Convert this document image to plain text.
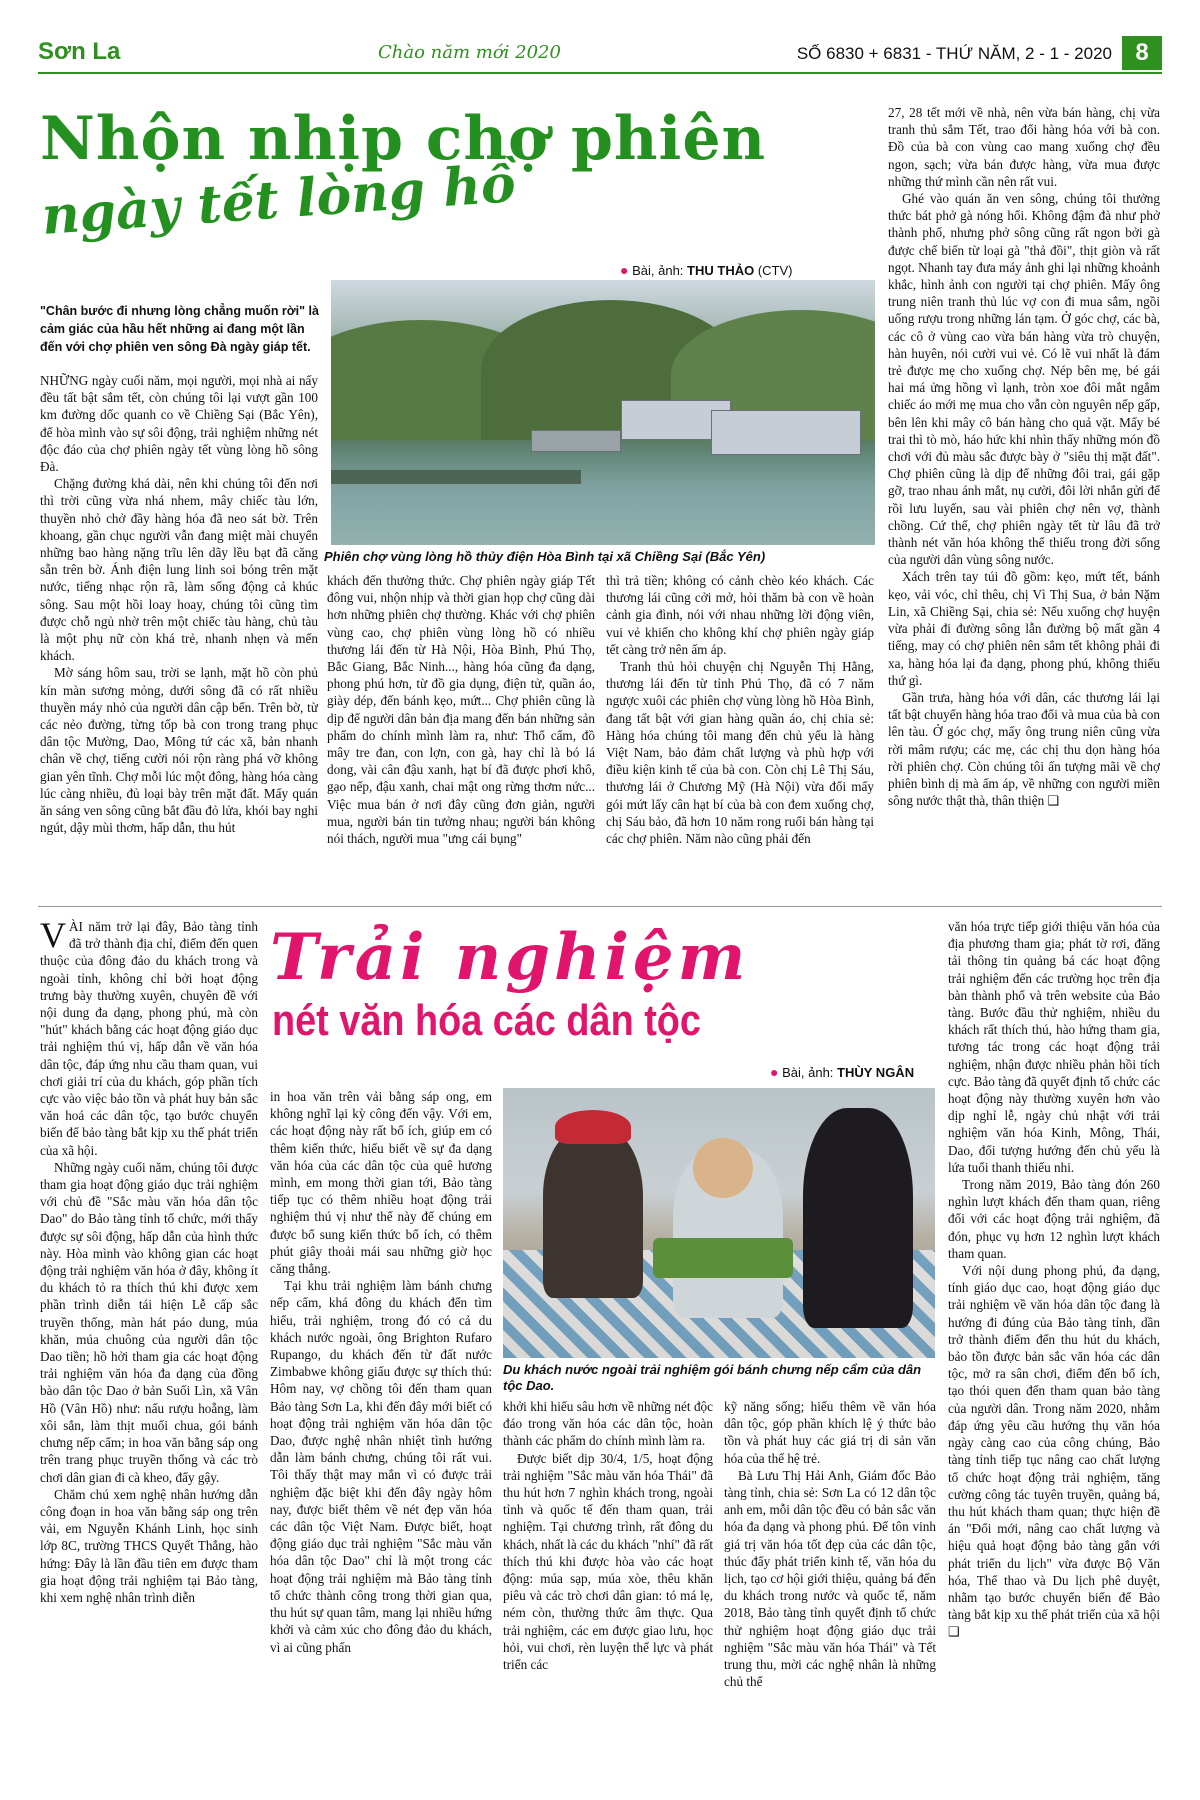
Sơn La	Chào năm mới 2020	SỐ 6830 + 6831 - THỨ NĂM, 2 - 1 - 2020 8
Nhộn nhịp chợ phiên
ngày tết lòng hồ
● Bài, ảnh: THU THẢO (CTV)
Phiên chợ vùng lòng hồ thủy điện Hòa Bình tại xã Chiềng Sại (Bắc Yên)
"Chân bước đi nhưng lòng chẳng muốn rời" là cảm giác của hầu hết những ai đang một lần đến với chợ phiên ven sông Đà ngày giáp tết.

NHỮNG ngày cuối năm, mọi người, mọi nhà ai nấy đều tất bật sắm tết, còn chúng tôi lại vượt gần 100 km đường dốc quanh co về Chiềng Sại (Bắc Yên), để hòa mình vào sự sôi động, trải nghiệm những nét độc đáo của chợ phiên ngày tết vùng lòng hồ sông Đà.

Chặng đường khá dài, nên khi chúng tôi đến nơi thì trời cũng vừa nhá nhem, mây chiếc tàu lớn, thuyền nhỏ chở đầy hàng hóa đã neo sát bờ. Trên khoang, gần chục người vẫn đang miệt mài chuyển những bao hàng nặng trĩu lên dãy lều bạt đã căng sẵn trên bờ. Ánh điện lung linh soi bóng trên mặt nước, tiếng nhạc rộn rã, làm sống động cả khúc sông. Sau một hồi loay hoay, chúng tôi cũng tìm được chỗ ngủ nhờ trên một chiếc tàu hàng, chủ tàu là một phụ nữ còn khá trẻ, nhanh nhẹn và mến khách.

Mờ sáng hôm sau, trời se lạnh, mặt hồ còn phủ kín màn sương mỏng, dưới sông đã có rất nhiều thuyền máy nhỏ của người dân cập bến. Trên bờ, từ các nẻo đường, từng tốp bà con trong trang phục dân tộc Mường, Dao, Mông tứ các xã, bản nhanh chân về chợ, tiếng cười nói rộn ràng phá vỡ không gian yên tĩnh. Chợ mỗi lúc một đông, hàng hóa càng lúc càng nhiều, đủ loại bày trên mặt đất. Mấy quán ăn sáng ven sông cũng bắt đầu đỏ lửa, khói bay nghi ngút, dậy mùi thơm, hấp dẫn, thu hút

khách đến thưởng thức. Chợ phiên ngày giáp Tết đông vui, nhộn nhịp và thời gian họp chợ cũng dài hơn những phiên chợ thường. Khác với chợ phiên vùng cao, chợ phiên vùng lòng hồ có nhiều thương lái đến từ Hà Nội, Hòa Bình, Phú Thọ, Bắc Giang, Bắc Ninh..., hàng hóa cũng đa dạng, phong phú hơn, từ đồ gia dụng, điện tử, quần áo, giày dép, đến bánh kẹo, mứt... Chợ phiên cũng là dịp để người dân bản địa mang đến bán những sản phẩm do chính mình làm ra, như: Thổ cẩm, đồ mây tre đan, con lợn, con gà, hay chỉ là bó lá dong, vài cân đậu xanh, hạt bí đã được phơi khô, gạo nếp, đậu xanh, chai mật ong rừng thơm nức... Việc mua bán ở nơi đây cũng đơn giản, người mua, người bán tin tưởng nhau; người bán không nói thách, người mua "ưng cái bụng"

thì trả tiền; không có cảnh chèo kéo khách. Các thương lái cũng cởi mở, hỏi thăm bà con về hoàn cảnh gia đình, nói với nhau những lời động viên, vui vẻ khiến cho không khí chợ phiên ngày giáp tết càng trở nên ấm áp.

Tranh thủ hỏi chuyện chị Nguyễn Thị Hằng, thương lái đến từ tỉnh Phú Thọ, đã có 7 năm ngược xuôi các phiên chợ vùng lòng hồ Hòa Bình, đang tất bật với gian hàng quần áo, chị chia sẻ: Hàng hóa chúng tôi mang đến chủ yếu là hàng Việt Nam, bảo đảm chất lượng và phù hợp với điều kiện kinh tế của bà con. Còn chị Lê Thị Sáu, thương lái ở Chương Mỹ (Hà Nội) vừa đổi mấy gói mứt lấy cân hạt bí của bà con đem xuống chợ, chị Sáu bảo, đã hơn 10 năm rong ruổi bán hàng tại các chợ phiên. Năm nào cũng phải đến

27, 28 tết mới về nhà, nên vừa bán hàng, chị vừa tranh thủ sắm Tết, trao đổi hàng hóa với bà con. Đồ của bà con vùng cao mang xuống chợ đều ngon, sạch; vừa bán được hàng, vừa mua được những thứ mình cần nên rất vui.

Ghé vào quán ăn ven sông, chúng tôi thưởng thức bát phở gà nóng hổi. Không đậm đà như phở thành phố, nhưng phở sông cũng rất ngon bởi gà được chế biến từ loại gà "thả đồi", thịt giòn và rất ngọt. Nhanh tay đưa máy ảnh ghi lại những khoảnh khắc, hình ảnh con người tại chợ phiên. Mấy ông trung niên tranh thủ lúc vợ con đi mua sắm, ngồi uống rượu trong những lán tạm. Ở góc chợ, các bà, các cô ở vùng cao vừa bán hàng vừa trò chuyện, hàn huyên, nói cười vui vẻ. Có lẽ vui nhất là đám trẻ được mẹ cho xuống chợ. Nép bên mẹ, bé gái hai má ửng hồng vì lạnh, tròn xoe đôi mắt ngắm chiếc áo mới mẹ mua cho vẫn còn nguyên nếp gấp, bên lên khi mây cô bán hàng cho quả vặt. Mấy bé trai thì tò mò, háo hức khi nhìn thấy những món đồ chơi với đủ màu sắc được bày ở "siêu thị mặt đất". Chợ phiên cũng là dịp để những đôi trai, gái gặp gỡ, trao nhau ánh mắt, nụ cười, đôi lời nhắn gửi để rồi lưu luyến, sau vài phiên chợ nên vợ, thành chồng. Cứ thế, chợ phiên ngày tết từ lâu đã trở thành nét văn hóa không thể thiếu trong đời sống của người dân vùng sông nước.

Xách trên tay túi đồ gồm: kẹo, mứt tết, bánh kẹo, vải vóc, chỉ thêu, chị Vì Thị Sua, ở bản Nặm Lin, xã Chiềng Sại, chia sẻ: Nếu xuống chợ huyện vừa phải đi đường sông lẫn đường bộ mất gần 4 tiếng, may có chợ phiên nên sắm tết không phải đi xa, hàng hóa lại đa dạng, phong phú, không thiếu thứ gì.

Gần trưa, hàng hóa với dân, các thương lái lại tất bật chuyển hàng hóa trao đổi và mua của bà con lên tàu. Ở góc chợ, mấy ông trung niên cũng vừa rời mâm rượu; các mẹ, các chị thu dọn hàng hóa rời phiên chợ. Còn chúng tôi ấn tượng mãi về chợ phiên bình dị mà ấm áp, về những con người miền sông nước thật thà, thân thiện ❑

Trải nghiệm
nét văn hóa các dân tộc
● Bài, ảnh: THÙY NGÂN
Du khách nước ngoài trải nghiệm gói bánh chưng nếp cẩm của dân tộc Dao.

VÀI năm trở lại đây, Bảo tàng tỉnh đã trở thành địa chỉ, điểm đến quen thuộc của đông đảo du khách trong và ngoài tỉnh, không chỉ bởi hoạt động trưng bày thường xuyên, chuyên đề với nội dung đa dạng, phong phú, mà còn "hút" khách bằng các hoạt động giáo dục trải nghiệm thú vị, hấp dẫn về văn hóa dân tộc, đáp ứng nhu cầu tham quan, vui chơi giải trí của du khách, góp phần tích cực vào việc bảo tồn và phát huy bản sắc văn hoá các dân tộc, tạo bước chuyển biến để bảo tàng bắt kịp xu thế phát triển của xã hội.

Những ngày cuối năm, chúng tôi được tham gia hoạt động giáo dục trải nghiệm với chủ đề "Sắc màu văn hóa dân tộc Dao" do Bảo tàng tỉnh tổ chức, mới thấy được sự sôi động, hấp dẫn của hình thức này. Hòa mình vào không gian các hoạt động trải nghiệm văn hóa ở đây, không ít du khách tỏ ra thích thú khi được xem phần trình diễn tái hiện Lễ cấp sắc truyền thống, màn hát páo dung, múa khăn, múa chuông của người dân tộc Dao tiền; hồ hởi tham gia các hoạt động trải nghiệm văn hóa đa dạng của đồng bào dân tộc Dao ở bản Suối Lìn, xã Vân Hồ (Vân Hồ) như: nấu rượu hoẵng, làm xôi sắn, làm thịt muối chua, gói bánh chưng nếp cẩm; in hoa văn bằng sáp ong trên trang phục truyền thống và các trò chơi dân gian đi cà kheo, đẩy gậy.

Chăm chú xem nghệ nhân hướng dẫn công đoạn in hoa văn bằng sáp ong trên vải, em Nguyễn Khánh Linh, học sinh lớp 8C, trường THCS Quyết Thắng, hào hứng: Đây là lần đầu tiên em được tham gia hoạt động trải nghiệm tại Bảo tàng, khi xem nghệ nhân trình diễn

in hoa văn trên vải bằng sáp ong, em không nghĩ lại kỳ công đến vậy. Với em, các hoạt động này rất bổ ích, giúp em có thêm kiến thức, hiểu biết về sự đa dạng văn hóa của các dân tộc của quê hương mình, em mong thời gian tới, Bảo tàng tiếp tục có thêm nhiều hoạt động trải nghiệm thú vị như thế này để chúng em được bổ sung kiến thức bổ ích, có thêm phút giây thoải mái sau những giờ học căng thẳng.

Tại khu trải nghiệm làm bánh chưng nếp cẩm, khá đông du khách đến tìm hiểu, trải nghiệm, trong đó có cả du khách nước ngoài, ông Brighton Rufaro Rupango, du khách đến từ đất nước Zimbabwe không giấu được sự thích thú: Hôm nay, vợ chồng tôi đến tham quan Bảo tàng Sơn La, khi đến đây mới biết có hoạt động trải nghiệm văn hóa dân tộc Dao, được nghệ nhân nhiệt tình hướng dẫn làm bánh chưng, chúng tôi rất vui. Tôi thấy thật may mắn vì có được trải nghiệm đặc biệt khi đến đây ngày hôm nay, được biết thêm về nét đẹp văn hóa các dân tộc Việt Nam. Được biết, hoạt động giáo dục trải nghiệm "Sắc màu văn hóa dân tộc Dao" chỉ là một trong các hoạt động trải nghiệm mà Bảo tàng tỉnh tổ chức thành công trong thời gian qua, thu hút sự quan tâm, mang lại nhiều hứng khởi và cảm xúc cho đông đảo du khách, vì ai cũng phấn

khởi khi hiểu sâu hơn về những nét độc đáo trong văn hóa các dân tộc, hoàn thành các phẩm do chính mình làm ra.

Được biết dịp 30/4, 1/5, hoạt động trải nghiệm "Sắc màu văn hóa Thái" đã thu hút hơn 7 nghìn khách trong, ngoài tỉnh và quốc tế đến tham quan, trải nghiệm. Tại chương trình, rất đông du khách, nhất là các du khách "nhí" đã rất thích thú khi được hòa vào các hoạt động: múa sạp, múa xòe, thêu khăn piêu và các trò chơi dân gian: tó má lẹ, ném còn, thường thức âm thực. Qua trải nghiệm, các em được giao lưu, học hỏi, vui chơi, rèn luyện thể lực và phát triển các

kỹ năng sống; hiểu thêm về văn hóa dân tộc, góp phần khích lệ ý thức bảo tồn và phát huy các giá trị di sản văn hóa của thế hệ trẻ.

Bà Lưu Thị Hải Anh, Giám đốc Bảo tàng tỉnh, chia sẻ: Sơn La có 12 dân tộc anh em, mỗi dân tộc đều có bản sắc văn hóa đa dạng và phong phú. Để tôn vinh giá trị văn hóa tốt đẹp của các dân tộc, thúc đẩy phát triển kinh tế, văn hóa du lịch, tạo cơ hội giới thiệu, quảng bá đến du khách trong nước và quốc tế, năm 2018, Bảo tàng tỉnh quyết định tổ chức thử nghiệm hoạt động giáo dục trải nghiệm "Sắc màu văn hóa Thái" và Tết trung thu, mời các nghệ nhân là những chủ thể

văn hóa trực tiếp giới thiệu văn hóa của địa phương tham gia; phát tờ rơi, đăng tải thông tin quảng bá các hoạt động trải nghiệm đến các trường học trên địa bàn thành phố và trên website của Bảo tàng. Bước đầu thử nghiệm, nhiều du khách rất thích thú, hào hứng tham gia, tương tác trong các hoạt động trải nghiệm, nhận được nhiều phản hồi tích cực. Bảo tàng đã quyết định tổ chức các hoạt động này thường xuyên hơn vào dịp nghỉ lễ, ngày chủ nhật với trải nghiệm văn hóa Kinh, Mông, Thái, Dao, đối tượng hướng đến chủ yếu là lứa tuổi thanh thiếu nhi.

Trong năm 2019, Bảo tàng đón 260 nghìn lượt khách đến tham quan, riêng đối với các hoạt động trải nghiệm, đã đón, phục vụ hơn 12 nghìn lượt khách tham quan.

Với nội dung phong phú, đa dạng, tính giáo dục cao, hoạt động giáo dục trải nghiệm về văn hóa dân tộc đang là hướng đi đúng của Bảo tàng tỉnh, dần trở thành điểm đến thu hút du khách, bảo tồn được bản sắc văn hóa các dân tộc, mở ra sân chơi, điểm đến bổ ích, tạo thói quen đến tham quan bảo tàng của người dân. Trong năm 2020, nhằm đáp ứng yêu cầu hướng thụ văn hóa ngày càng cao của công chúng, Bảo tàng tỉnh tiếp tục nâng cao chất lượng tổ chức hoạt động trải nghiệm, tăng cường công tác tuyên truyền, quảng bá, thu hút khách tham quan; thực hiện đề án "Đổi mới, nâng cao chất lượng và hiệu quả hoạt động bảo tàng gắn với phát triển du lịch" vừa được Bộ Văn hóa, Thể thao và Du lịch phê duyệt, nhằm tạo bước chuyển biến để Bảo tàng bắt kịp xu thế phát triển của xã hội ❑
